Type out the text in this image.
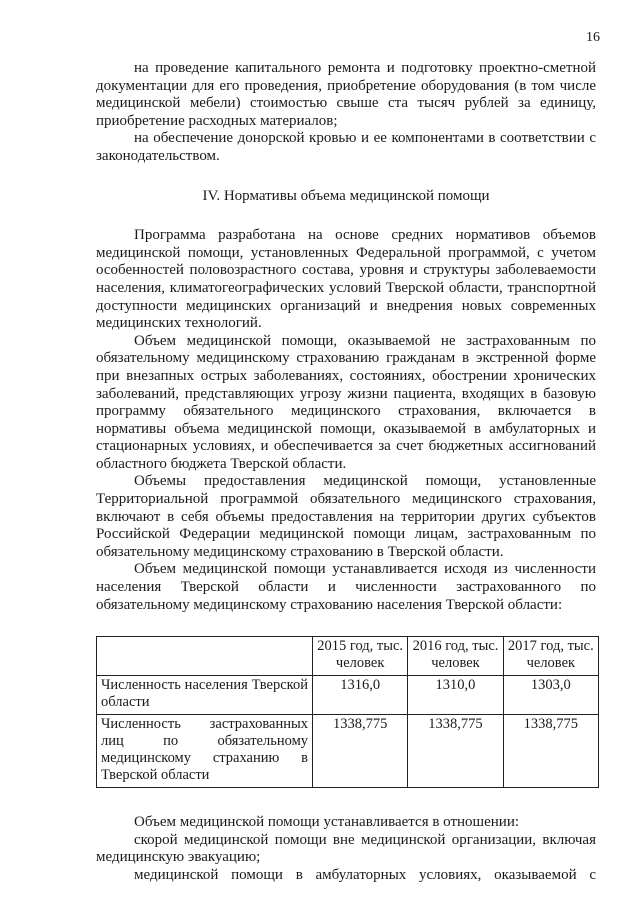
16

на проведение капитального ремонта и подготовку проектно-сметной документации для его проведения, приобретение оборудования (в том числе медицинской мебели) стоимостью свыше ста тысяч рублей за единицу, приобретение расходных материалов;

на обеспечение донорской кровью и ее компонентами в соответствии с законодательством.

IV. Нормативы объема медицинской помощи

Программа разработана на основе средних нормативов объемов медицинской помощи, установленных Федеральной программой, с учетом особенностей половозрастного состава, уровня и структуры заболеваемости населения, климатогеографических условий Тверской области, транспортной доступности медицинских организаций и внедрения новых современных медицинских технологий.

Объем медицинской помощи, оказываемой не застрахованным по обязательному медицинскому страхованию гражданам в экстренной форме при внезапных острых заболеваниях, состояниях, обострении хронических заболеваний, представляющих угрозу жизни пациента, входящих в базовую программу обязательного медицинского страхования, включается в нормативы объема медицинской помощи, оказываемой в амбулаторных и стационарных условиях, и обеспечивается за счет бюджетных ассигнований областного бюджета Тверской области.

Объемы предоставления медицинской помощи, установленные Территориальной программой обязательного медицинского страхования, включают в себя объемы предоставления на территории других субъектов Российской Федерации медицинской помощи лицам, застрахованным по обязательному медицинскому страхованию в Тверской области.

Объем медицинской помощи устанавливается исходя из численности населения Тверской области и численности застрахованного по обязательному медицинскому страхованию населения Тверской области:

	2015 год, тыс. человек	2016 год, тыс. человек	2017 год, тыс. человек
Численность населения Тверской области	1316,0	1310,0	1303,0
Численность застрахованных лиц по обязательному медицинскому страханию в Тверской области	1338,775	1338,775	1338,775

Объем медицинской помощи устанавливается в отношении:

скорой медицинской помощи вне медицинской организации, включая медицинскую эвакуацию;

медицинской помощи в амбулаторных условиях, оказываемой с
